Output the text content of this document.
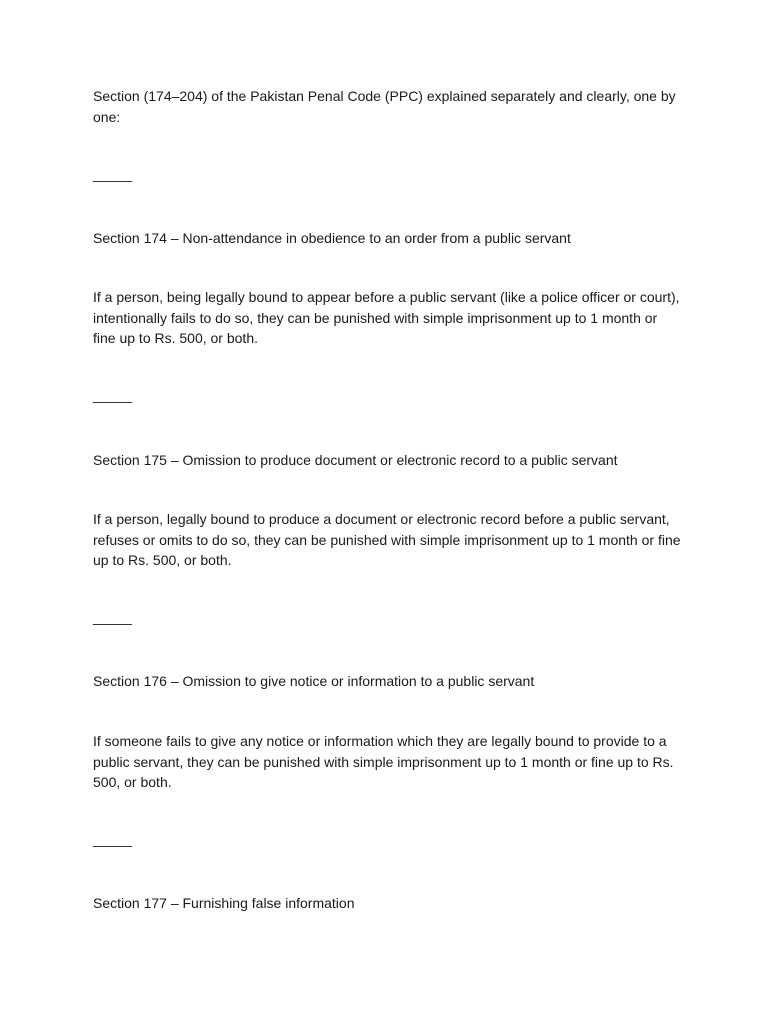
Section (174–204) of the Pakistan Penal Code (PPC) explained separately and clearly, one by one:

_____

Section 174 – Non-attendance in obedience to an order from a public servant

If a person, being legally bound to appear before a public servant (like a police officer or court), intentionally fails to do so, they can be punished with simple imprisonment up to 1 month or fine up to Rs. 500, or both.

_____

Section 175 – Omission to produce document or electronic record to a public servant

If a person, legally bound to produce a document or electronic record before a public servant, refuses or omits to do so, they can be punished with simple imprisonment up to 1 month or fine up to Rs. 500, or both.

_____

Section 176 – Omission to give notice or information to a public servant

If someone fails to give any notice or information which they are legally bound to provide to a public servant, they can be punished with simple imprisonment up to 1 month or fine up to Rs. 500, or both.

_____

Section 177 – Furnishing false information
